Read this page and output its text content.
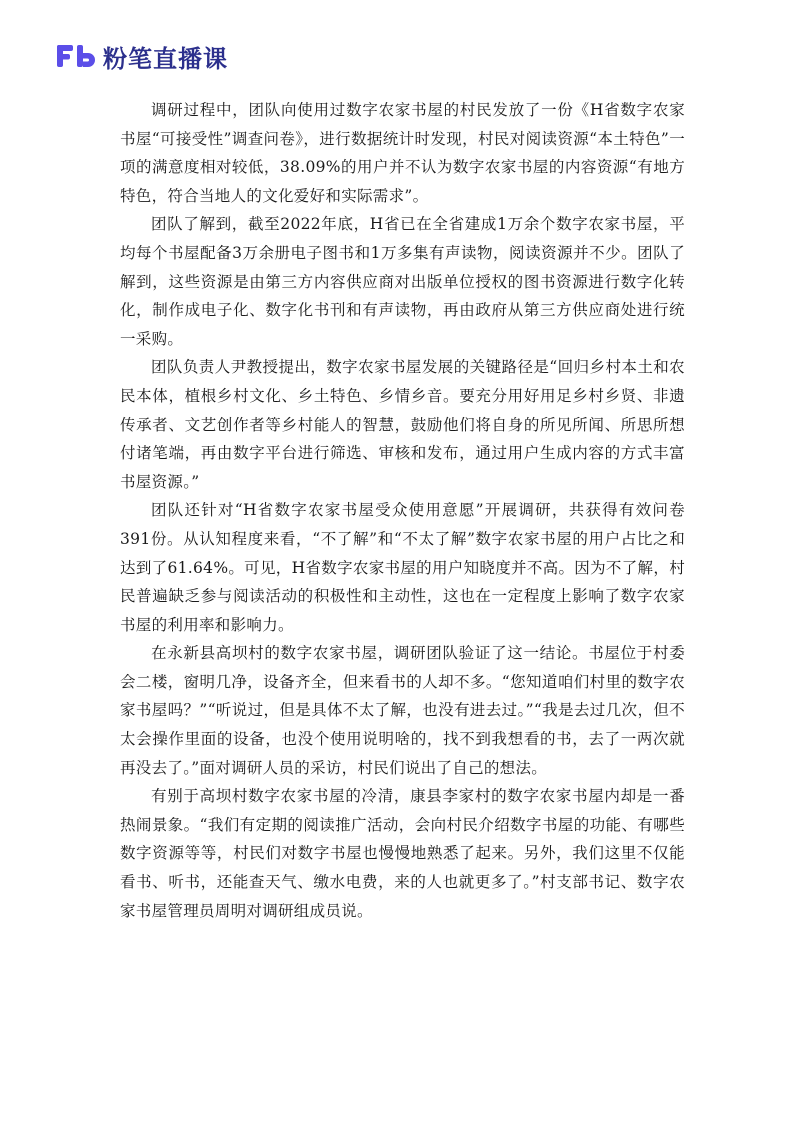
粉笔直播课

调研过程中，团队向使用过数字农家书屋的村民发放了一份《H省数字农家书屋“可接受性”调查问卷》，进行数据统计时发现，村民对阅读资源“本土特色”一项的满意度相对较低，38.09%的用户并不认为数字农家书屋的内容资源“有地方特色，符合当地人的文化爱好和实际需求”。

团队了解到，截至2022年底，H省已在全省建成1万余个数字农家书屋，平均每个书屋配备3万余册电子图书和1万多集有声读物，阅读资源并不少。团队了解到，这些资源是由第三方内容供应商对出版单位授权的图书资源进行数字化转化，制作成电子化、数字化书刊和有声读物，再由政府从第三方供应商处进行统一采购。

团队负责人尹教授提出，数字农家书屋发展的关键路径是“回归乡村本土和农民本体，植根乡村文化、乡土特色、乡情乡音。要充分用好用足乡村乡贤、非遗传承者、文艺创作者等乡村能人的智慧，鼓励他们将自身的所见所闻、所思所想付诸笔端，再由数字平台进行筛选、审核和发布，通过用户生成内容的方式丰富书屋资源。”

团队还针对“H省数字农家书屋受众使用意愿”开展调研，共获得有效问卷391份。从认知程度来看，“不了解”和“不太了解”数字农家书屋的用户占比之和达到了61.64%。可见，H省数字农家书屋的用户知晓度并不高。因为不了解，村民普遍缺乏参与阅读活动的积极性和主动性，这也在一定程度上影响了数字农家书屋的利用率和影响力。

在永新县高坝村的数字农家书屋，调研团队验证了这一结论。书屋位于村委会二楼，窗明几净，设备齐全，但来看书的人却不多。“您知道咱们村里的数字农家书屋吗？”“听说过，但是具体不太了解，也没有进去过。”“我是去过几次，但不太会操作里面的设备，也没个使用说明啥的，找不到我想看的书，去了一两次就再没去了。”面对调研人员的采访，村民们说出了自己的想法。

有别于高坝村数字农家书屋的冷清，康县李家村的数字农家书屋内却是一番热闹景象。“我们有定期的阅读推广活动，会向村民介绍数字书屋的功能、有哪些数字资源等等，村民们对数字书屋也慢慢地熟悉了起来。另外，我们这里不仅能看书、听书，还能查天气、缴水电费，来的人也就更多了。”村支部书记、数字农家书屋管理员周明对调研组成员说。
